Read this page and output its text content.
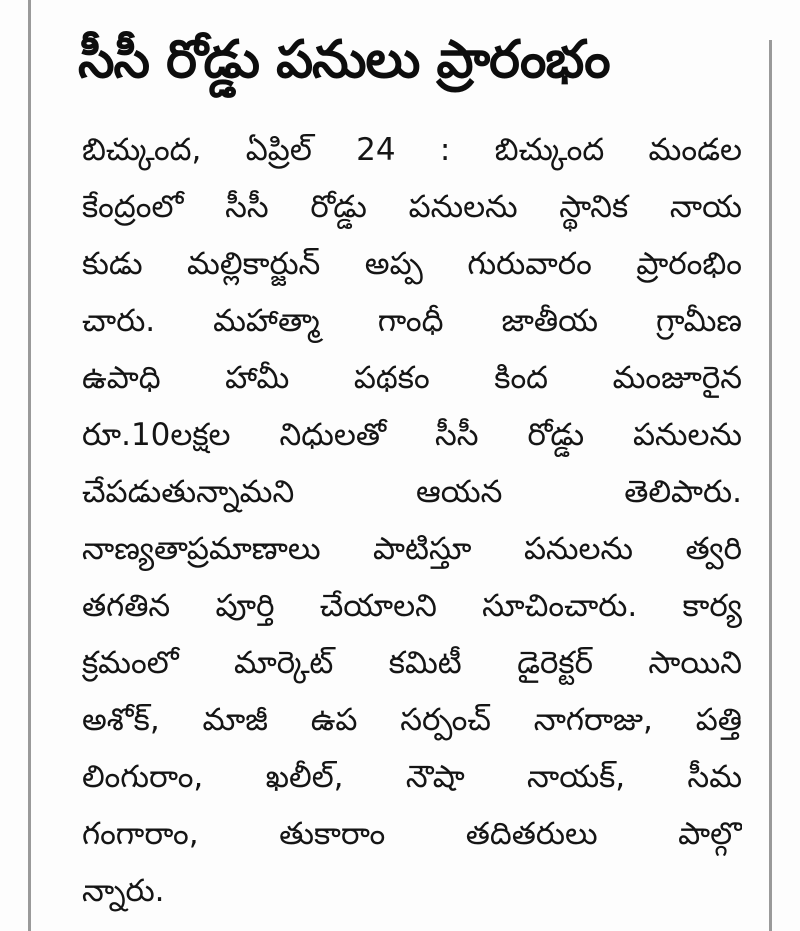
సీసీ రోడ్డు పనులు ప్రారంభం
బిచ్కుంద, ఏప్రిల్ 24 : బిచ్కుంద మండల
కేంద్రంలో సీసీ రోడ్డు పనులను స్థానిక నాయ
కుడు మల్లికార్జున్ అప్ప గురువారం ప్రారంభిం
చారు. మహాత్మా గాంధీ జాతీయ గ్రామీణ
ఉపాధి హామీ పథకం కింద మంజూరైన
రూ.10లక్షల నిధులతో సీసీ రోడ్డు పనులను
చేపడుతున్నామని ఆయన తెలిపారు.
నాణ్యతాప్రమాణాలు పాటిస్తూ పనులను త్వరి
తగతిన పూర్తి చేయాలని సూచించారు. కార్య
క్రమంలో మార్కెట్ కమిటీ డైరెక్టర్ సాయిని
అశోక్, మాజీ ఉప సర్పంచ్ నాగరాజు, పత్తి
లింగురాం, ఖలీల్, నౌషా నాయక్, సీమ
గంగారాం, తుకారాం తదితరులు పాల్గొ
న్నారు.
